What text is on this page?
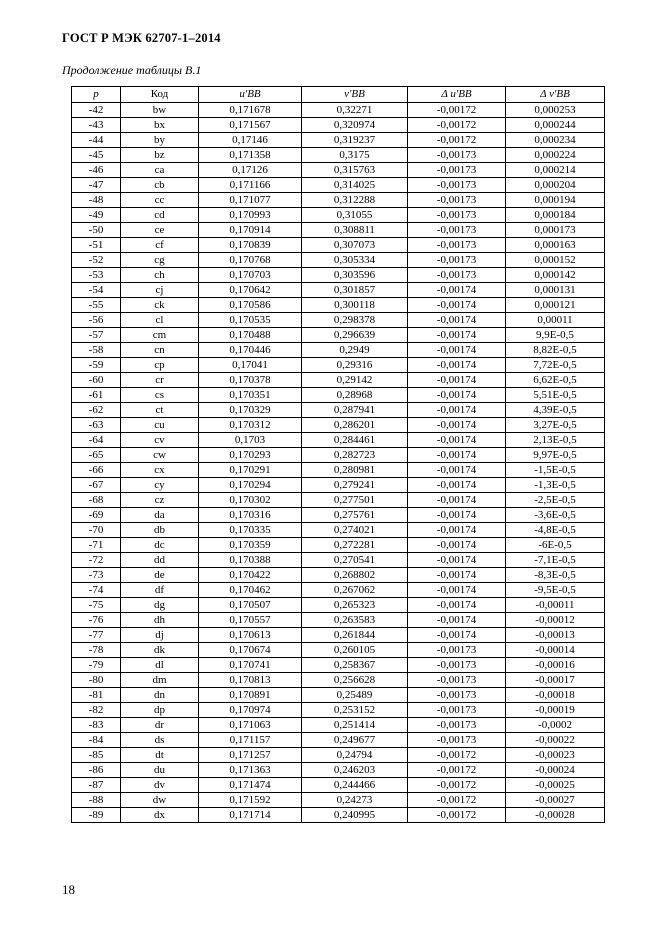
ГОСТ Р МЭК 62707-1–2014
Продолжение таблицы В.1
p	Код	u'BB	v'BB	Δ u'BB	Δ v'BB
-42	bw	0,171678	0,32271	-0,00172	0,000253
-43	bx	0,171567	0,320974	-0,00172	0,000244
-44	by	0,17146	0,319237	-0,00172	0,000234
-45	bz	0,171358	0,3175	-0,00173	0,000224
-46	ca	0,17126	0,315763	-0,00173	0,000214
-47	cb	0,171166	0,314025	-0,00173	0,000204
-48	cc	0,171077	0,312288	-0,00173	0,000194
-49	cd	0,170993	0,31055	-0,00173	0,000184
-50	ce	0,170914	0,308811	-0,00173	0,000173
-51	cf	0,170839	0,307073	-0,00173	0,000163
-52	cg	0,170768	0,305334	-0,00173	0,000152
-53	ch	0,170703	0,303596	-0,00173	0,000142
-54	cj	0,170642	0,301857	-0,00174	0,000131
-55	ck	0,170586	0,300118	-0,00174	0,000121
-56	cl	0,170535	0,298378	-0,00174	0,00011
-57	cm	0,170488	0,296639	-0,00174	9,9E-0,5
-58	cn	0,170446	0,2949	-0,00174	8,82E-0,5
-59	cp	0,17041	0,29316	-0,00174	7,72E-0,5
-60	cr	0,170378	0,29142	-0,00174	6,62E-0,5
-61	cs	0,170351	0,28968	-0,00174	5,51E-0,5
-62	ct	0,170329	0,287941	-0,00174	4,39E-0,5
-63	cu	0,170312	0,286201	-0,00174	3,27E-0,5
-64	cv	0,1703	0,284461	-0,00174	2,13E-0,5
-65	cw	0,170293	0,282723	-0,00174	9,97E-0,5
-66	cx	0,170291	0,280981	-0,00174	-1,5E-0,5
-67	cy	0,170294	0,279241	-0,00174	-1,3E-0,5
-68	cz	0,170302	0,277501	-0,00174	-2,5E-0,5
-69	da	0,170316	0,275761	-0,00174	-3,6E-0,5
-70	db	0,170335	0,274021	-0,00174	-4,8E-0,5
-71	dc	0,170359	0,272281	-0,00174	-6E-0,5
-72	dd	0,170388	0,270541	-0,00174	-7,1E-0,5
-73	de	0,170422	0,268802	-0,00174	-8,3E-0,5
-74	df	0,170462	0,267062	-0,00174	-9,5E-0,5
-75	dg	0,170507	0,265323	-0,00174	-0,00011
-76	dh	0,170557	0,263583	-0,00174	-0,00012
-77	dj	0,170613	0,261844	-0,00174	-0,00013
-78	dk	0,170674	0,260105	-0,00173	-0,00014
-79	dl	0,170741	0,258367	-0,00173	-0,00016
-80	dm	0,170813	0,256628	-0,00173	-0,00017
-81	dn	0,170891	0,25489	-0,00173	-0,00018
-82	dp	0,170974	0,253152	-0,00173	-0,00019
-83	dr	0,171063	0,251414	-0,00173	-0,0002
-84	ds	0,171157	0,249677	-0,00173	-0,00022
-85	dt	0,171257	0,24794	-0,00172	-0,00023
-86	du	0,171363	0,246203	-0,00172	-0,00024
-87	dv	0,171474	0,244466	-0,00172	-0,00025
-88	dw	0,171592	0,24273	-0,00172	-0,00027
-89	dx	0,171714	0,240995	-0,00172	-0,00028
18
